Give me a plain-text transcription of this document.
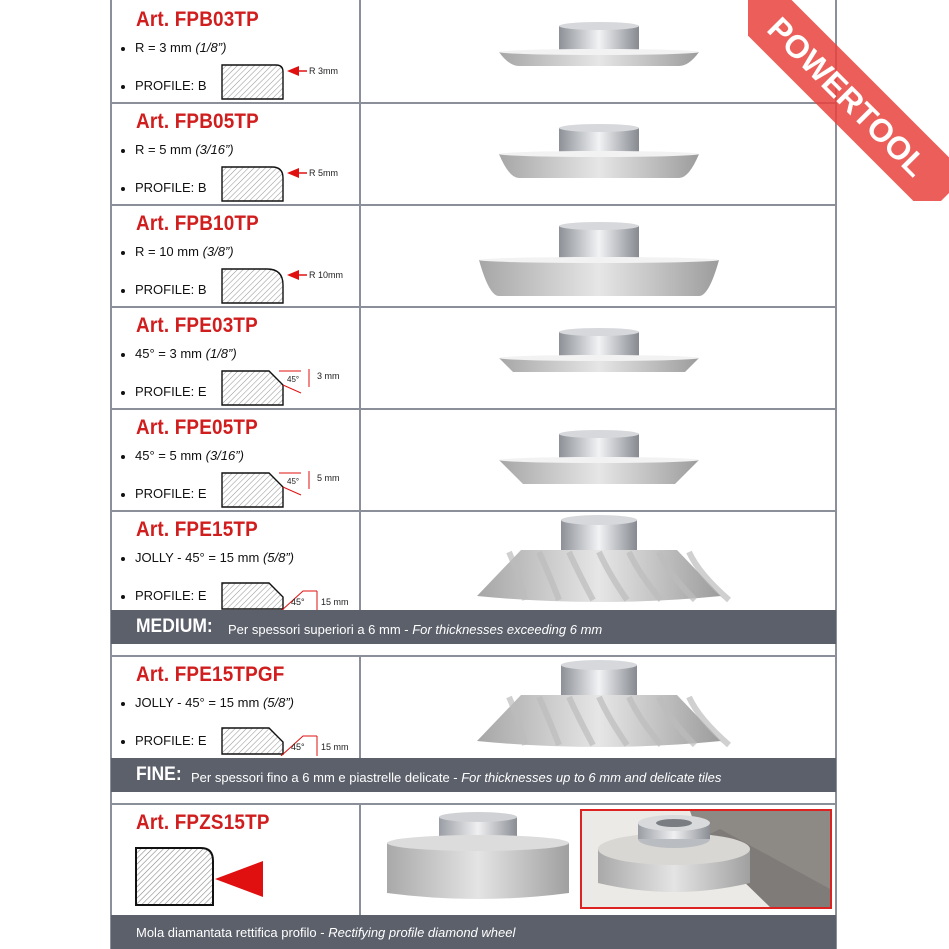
Art. FPB03TP
R = 3 mm (1/8”)
PROFILE: B
R 3mm
Art. FPB05TP
R = 5 mm (3/16”)
PROFILE: B
R 5mm
Art. FPB10TP
R = 10 mm (3/8”)
PROFILE: B
R 10mm
Art. FPE03TP
45° = 3 mm (1/8”)
PROFILE: E
45° 3 mm
Art. FPE05TP
45° = 5 mm (3/16”)
PROFILE: E
45° 5 mm
Art. FPE15TP
JOLLY - 45° = 15 mm (5/8”)
PROFILE: E	45° 15 mm
MEDIUM: Per spessori superiori a 6 mm - For thicknesses exceeding 6 mm
Art. FPE15TPGF
JOLLY - 45° = 15 mm (5/8”)
PROFILE: E	45° 15 mm
FINE: Per spessori fino a 6 mm e piastrelle delicate - For thicknesses up to 6 mm and delicate tiles
Art. FPZS15TP
Mola diamantata rettifica profilo - Rectifying profile diamond wheel
POWERTOOL
